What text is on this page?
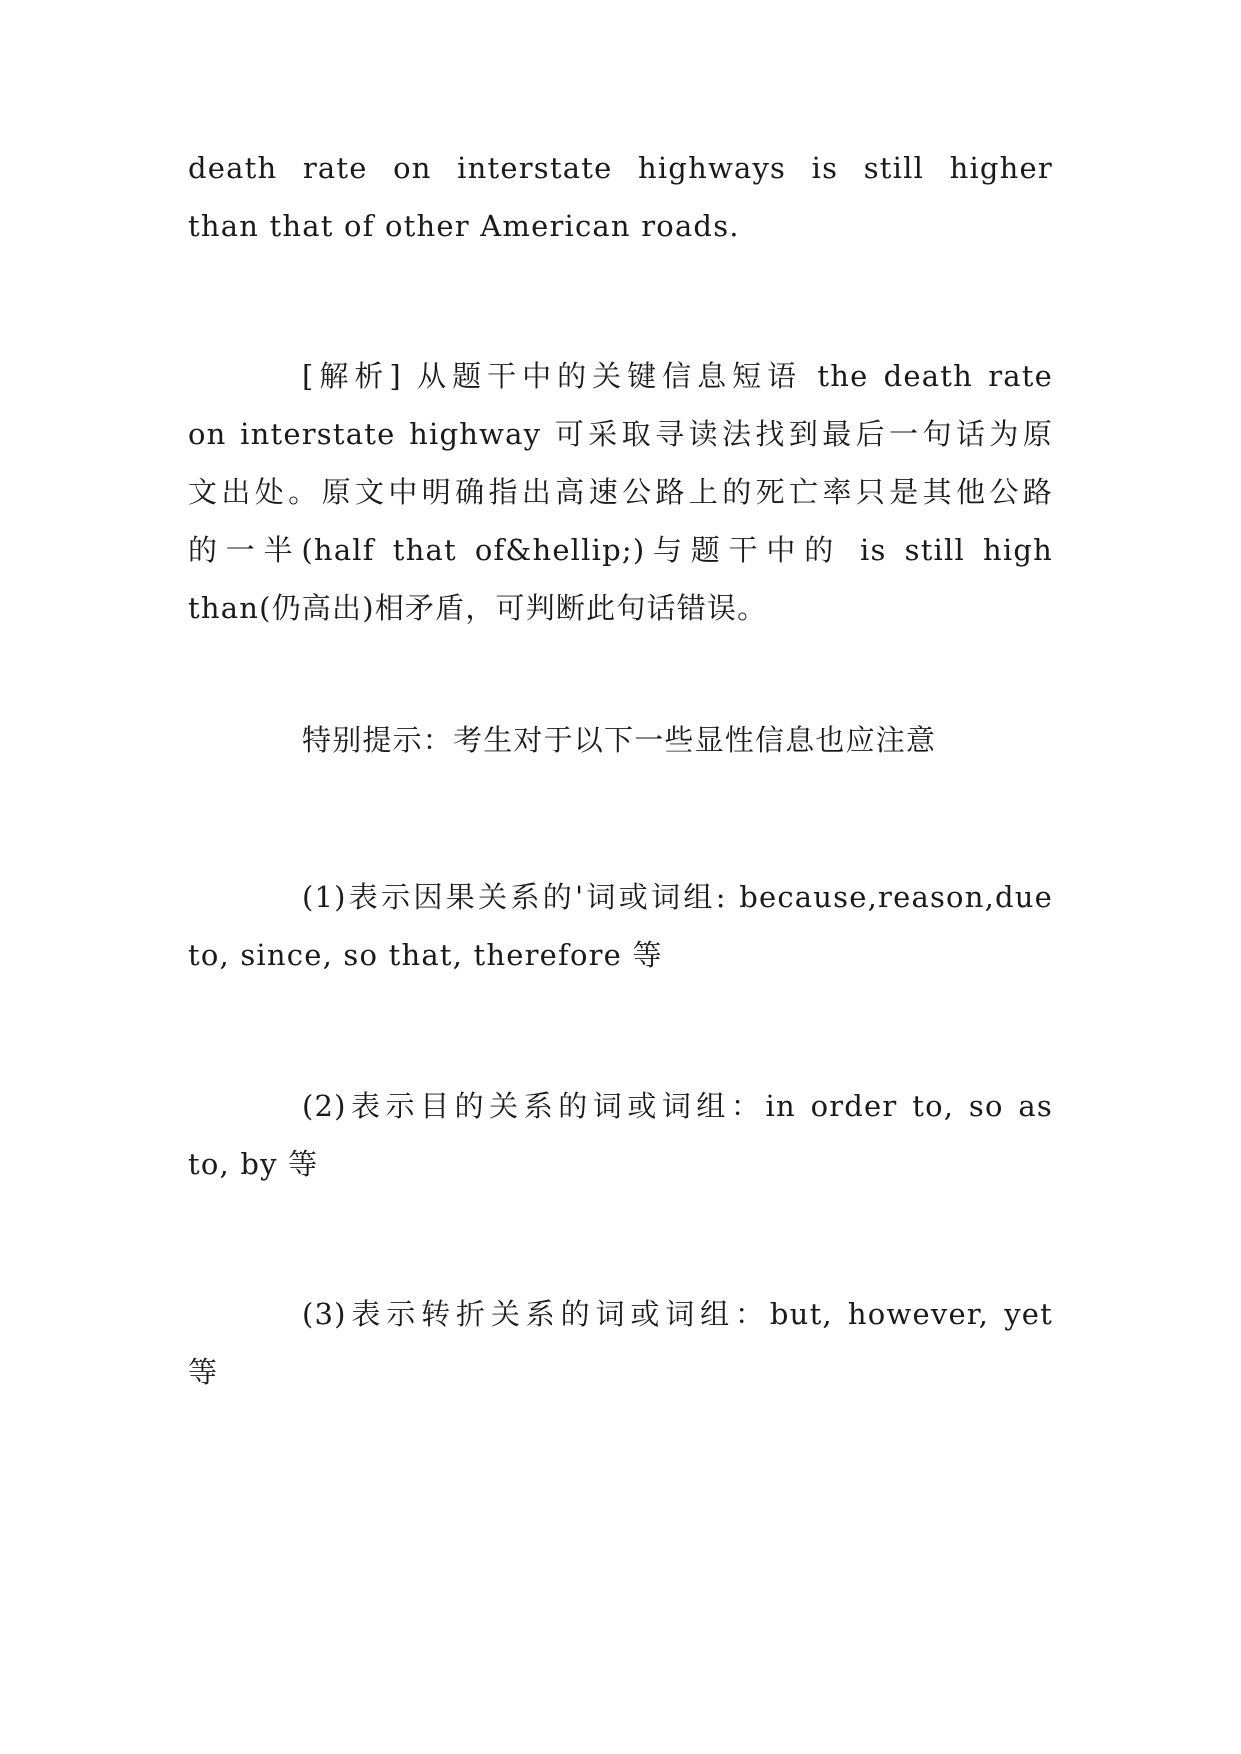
death rate on interstate highways is still higher
than that of other American roads.
[解析] 从题干中的关键信息短语 the death rate
on interstate highway 可采取寻读法找到最后一句话为原
文出处。原文中明确指出高速公路上的死亡率只是其他公路
的一半(half that of&hellip;)与题干中的 is still high
than(仍高出)相矛盾，可判断此句话错误。
特别提示：考生对于以下一些显性信息也应注意
(1)表示因果关系的'词或词组: because,reason,due
to, since, so that, therefore 等
(2)表示目的关系的词或词组：in order to, so as
to, by 等
(3)表示转折关系的词或词组：but, however, yet
等
